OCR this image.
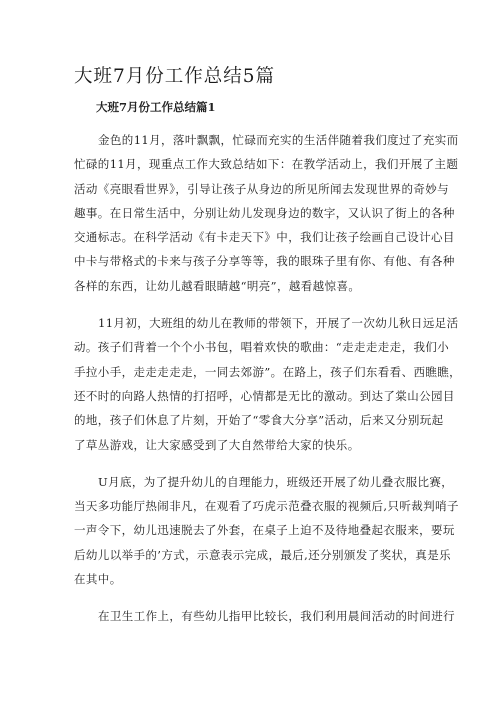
大班7月份工作总结5篇
大班7月份工作总结篇1

金色的11月，落叶飘飘，忙碌而充实的生活伴随着我们度过了充实而
忙碌的11月，现重点工作大致总结如下：在教学活动上，我们开展了主题
活动《亮眼看世界》，引导让孩子从身边的所见所闻去发现世界的奇妙与
趣事。在日常生活中，分别让幼儿发现身边的数字，又认识了街上的各种
交通标志。在科学活动《有卡走天下》中，我们让孩子绘画自己设计心目
中卡与带格式的卡来与孩子分享等等，我的眼珠子里有你、有他、有各种
各样的东西，让幼儿越看眼睛越“明亮”，越看越惊喜。

11月初，大班组的幼儿在教师的带领下，开展了一次幼儿秋日远足活
动。孩子们背着一个个小书包，唱着欢快的歌曲：“走走走走走，我们小
手拉小手，走走走走走，一同去郊游”。在路上，孩子们东看看、西瞧瞧，
还不时的向路人热情的打招呼，心情都是无比的激动。到达了棠山公园目
的地，孩子们休息了片刻，开始了“零食大分享”活动，后来又分别玩起
了草丛游戏，让大家感受到了大自然带给大家的快乐。

U月底，为了提升幼儿的自理能力，班级还开展了幼儿叠衣服比赛，
当天多功能厅热闹非凡，在观看了巧虎示范叠衣服的视频后,只听裁判哨子
一声令下，幼儿迅速脱去了外套，在桌子上迫不及待地叠起衣服来，要玩
后幼儿以举手的’方式，示意表示完成，最后,还分别颁发了奖状，真是乐
在其中。

在卫生工作上，有些幼儿指甲比较长，我们利用晨间活动的时间进行
